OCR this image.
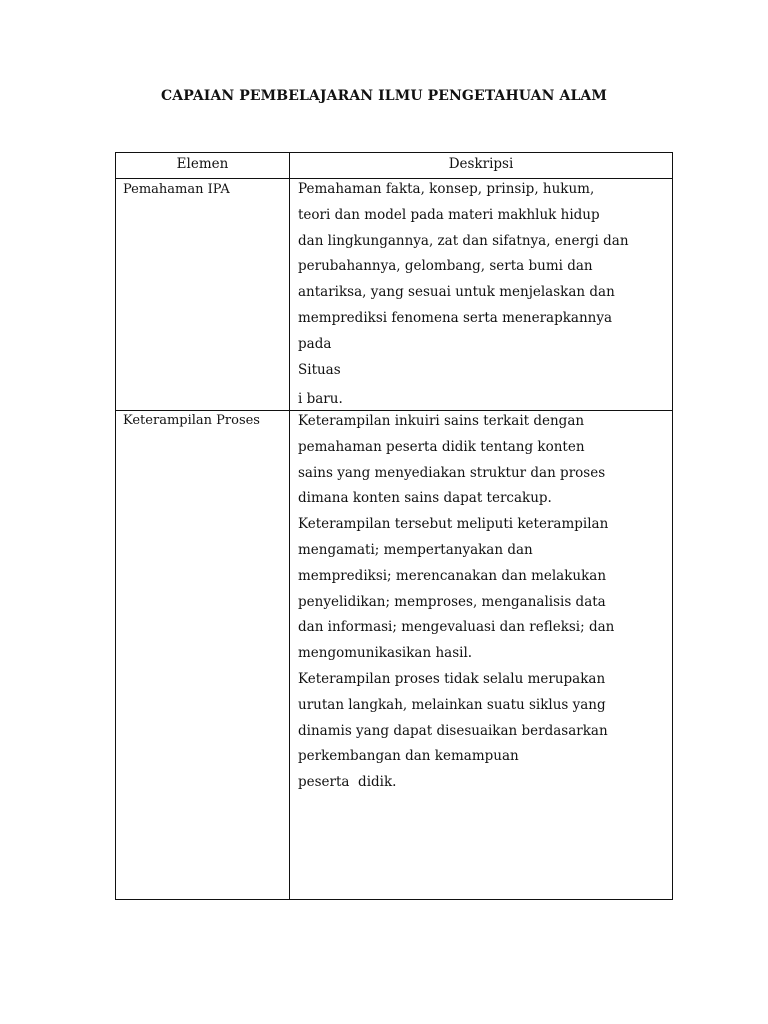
CAPAIAN PEMBELAJARAN ILMU PENGETAHUAN ALAM
Elemen	Deskripsi
Pemahaman IPA	Pemahaman fakta, konsep, prinsip, hukum,
teori dan model pada materi makhluk hidup
dan lingkungannya, zat dan sifatnya, energi dan
perubahannya, gelombang, serta bumi dan
antariksa, yang sesuai untuk menjelaskan dan
memprediksi fenomena serta menerapkannya
pada
Situas
i baru.
Keterampilan Proses	Keterampilan inkuiri sains terkait dengan
pemahaman peserta didik tentang konten
sains yang menyediakan struktur dan proses
dimana konten sains dapat tercakup.
Keterampilan tersebut meliputi keterampilan
mengamati; mempertanyakan dan
memprediksi; merencanakan dan melakukan
penyelidikan; memproses, menganalisis data
dan informasi; mengevaluasi dan refleksi; dan
mengomunikasikan hasil.
Keterampilan proses tidak selalu merupakan
urutan langkah, melainkan suatu siklus yang
dinamis yang dapat disesuaikan berdasarkan
perkembangan dan kemampuan
peserta  didik.
